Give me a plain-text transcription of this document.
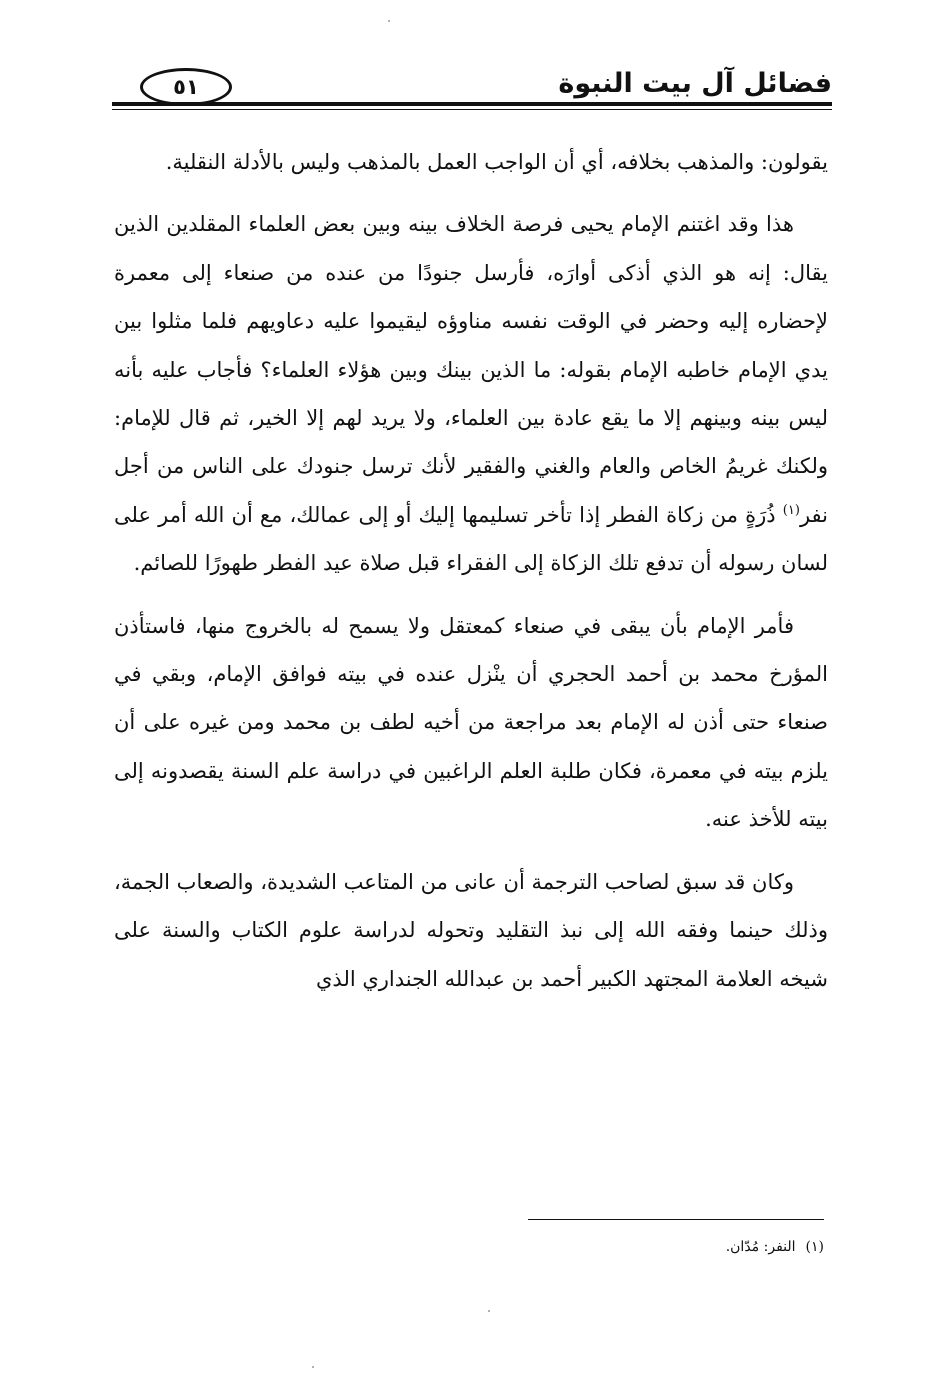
٥١	فضائل آل بيت النبوة

يقولون: والمذهب بخلافه، أي أن الواجب العمل بالمذهب وليس بالأدلة النقلية.

هذا وقد اغتنم الإمام يحيى فرصة الخلاف بينه وبين بعض العلماء المقلدين الذين يقال: إنه هو الذي أذكى أوارَه، فأرسل جنودًا من عنده من صنعاء إلى معمرة لإحضاره إليه وحضر في الوقت نفسه مناوؤه ليقيموا عليه دعاويهم فلما مثلوا بين يدي الإمام خاطبه الإمام بقوله: ما الذين بينك وبين هؤلاء العلماء؟ فأجاب عليه بأنه ليس بينه وبينهم إلا ما يقع عادة بين العلماء، ولا يريد لهم إلا الخير، ثم قال للإمام: ولكنك غريمُ الخاص والعام والغني والفقير لأنك ترسل جنودك على الناس من أجل نفر$^{(١)}$ ذُرَةٍ من زكاة الفطر إذا تأخر تسليمها إليك أو إلى عمالك، مع أن الله أمر على لسان رسوله أن تدفع تلك الزكاة إلى الفقراء قبل صلاة عيد الفطر طهورًا للصائم.

فأمر الإمام بأن يبقى في صنعاء كمعتقل ولا يسمح له بالخروج منها، فاستأذن المؤرخ محمد بن أحمد الحجري أن ينْزل عنده في بيته فوافق الإمام، وبقي في صنعاء حتى أذن له الإمام بعد مراجعة من أخيه لطف بن محمد ومن غيره على أن يلزم بيته في معمرة، فكان طلبة العلم الراغبين في دراسة علم السنة يقصدونه إلى بيته للأخذ عنه.

وكان قد سبق لصاحب الترجمة أن عانى من المتاعب الشديدة، والصعاب الجمة، وذلك حينما وفقه الله إلى نبذ التقليد وتحوله لدراسة علوم الكتاب والسنة على شيخه العلامة المجتهد الكبير أحمد بن عبدالله الجنداري الذي

(١)النفر: مُدّان.
